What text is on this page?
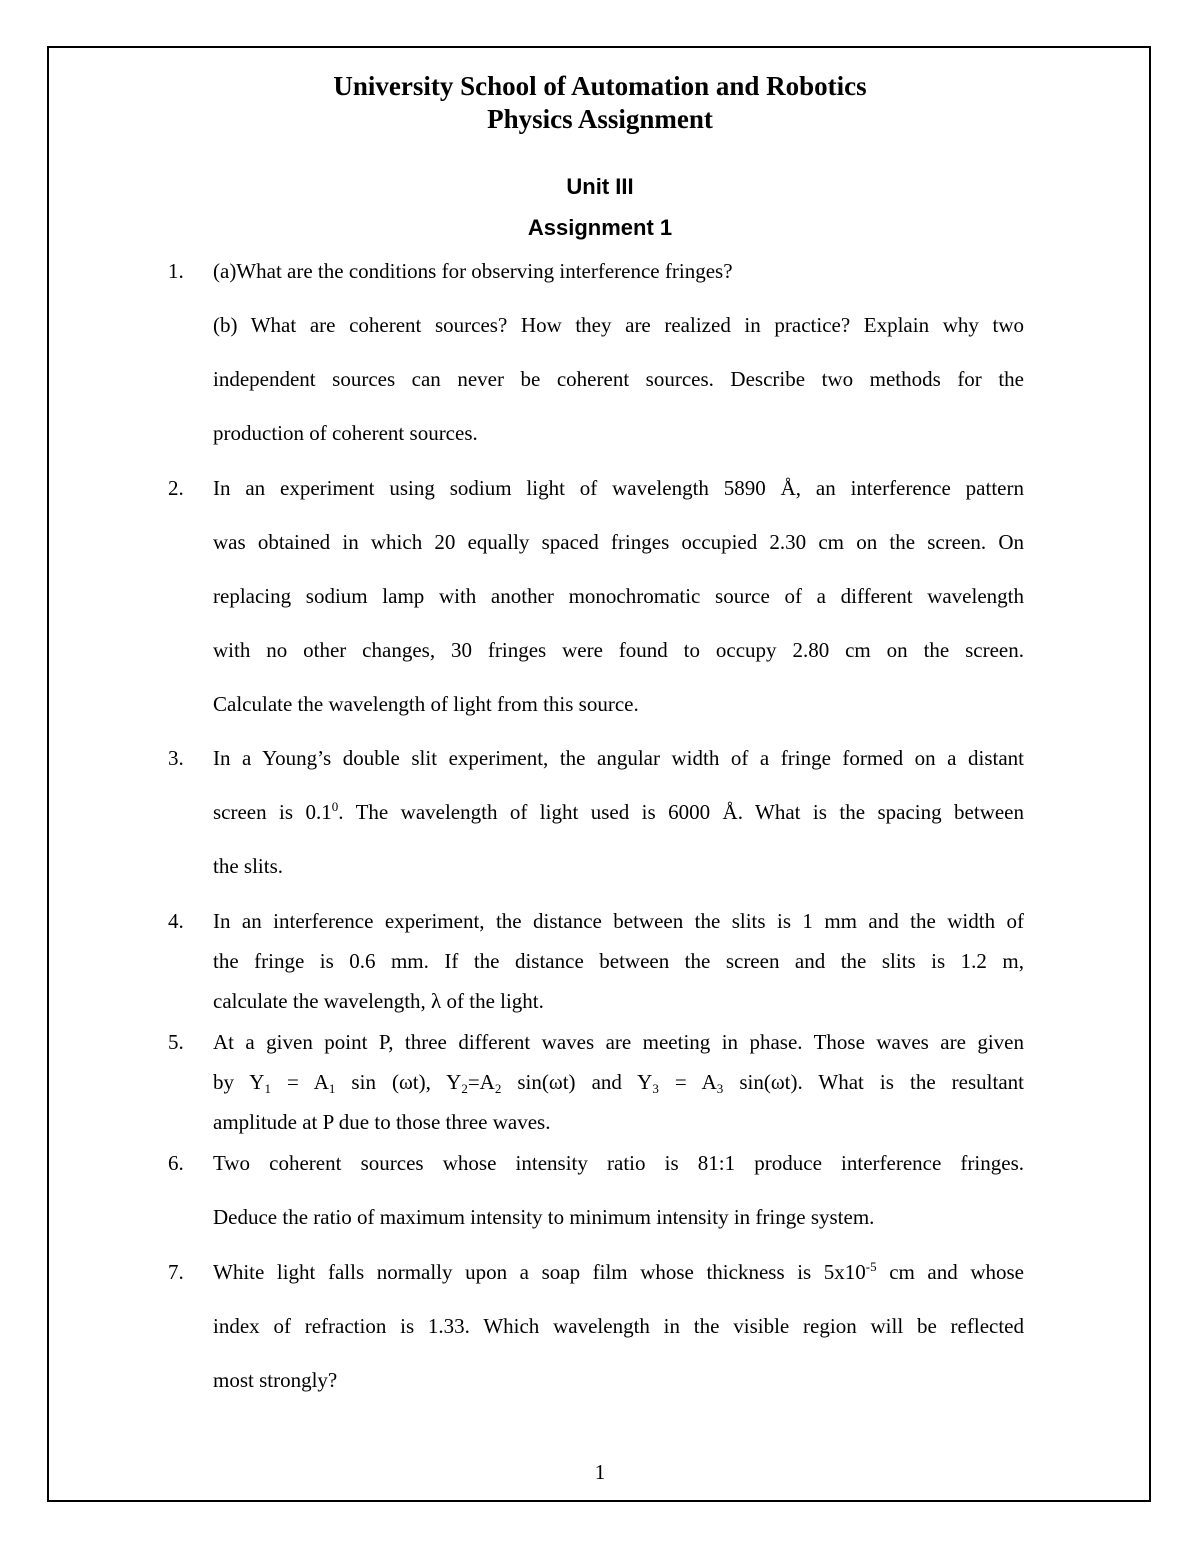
University School of Automation and Robotics
Physics Assignment
Unit III
Assignment 1
1.	(a)What are the conditions for observing interference fringes?
(b) What are coherent sources? How they are realized in practice? Explain why two
independent sources can never be coherent sources. Describe two methods for the
production of coherent sources.
2.	In an experiment using sodium light of wavelength 5890 Å, an interference pattern
was obtained in which 20 equally spaced fringes occupied 2.30 cm on the screen. On
replacing sodium lamp with another monochromatic source of a different wavelength
with no other changes, 30 fringes were found to occupy 2.80 cm on the screen.
Calculate the wavelength of light from this source.
3.	In a Young’s double slit experiment, the angular width of a fringe formed on a distant
screen is $0.1^0$. The wavelength of light used is 6000 Å. What is the spacing between
the slits.
4.	In an interference experiment, the distance between the slits is 1 mm and the width of
the fringe is 0.6 mm. If the distance between the screen and the slits is 1.2 m,
calculate the wavelength, λ of the light.
5.	At a given point P, three different waves are meeting in phase. Those waves are given
by $Y_1 = A_1$ sin (ωt), $Y_2=A_2$ sin(ωt) and $Y_3 = A_3$ sin(ωt). What is the resultant
amplitude at P due to those three waves.
6.	Two coherent sources whose intensity ratio is 81:1 produce interference fringes.
Deduce the ratio of maximum intensity to minimum intensity in fringe system.
7.	White light falls normally upon a soap film whose thickness is $5x10^{-5}$ cm and whose
index of refraction is 1.33. Which wavelength in the visible region will be reflected
most strongly?
1
